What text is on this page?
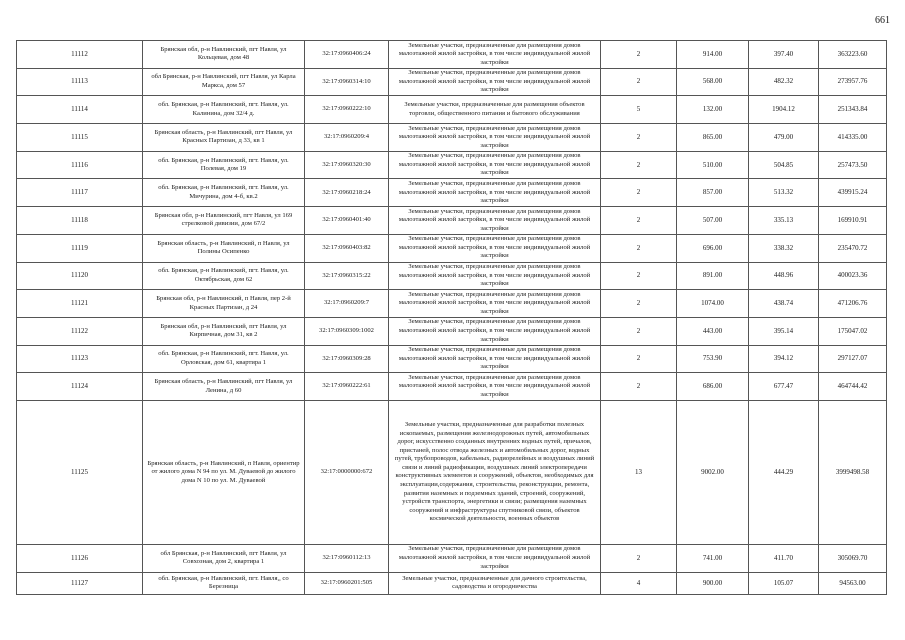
661
11112	Брянская обл, р-н Навлинский, пгт Навля, ул Кольцевая, дом 48	32:17:0960406:24	Земельные участки, предназначенные для размещения домов малоэтажной жилой застройки, в том числе индивидуальной жилой застройки	2	914.00	397.40	363223.60
11113	обл Брянская, р-н Навлинский, пгт Навля, ул Карла Маркса, дом 57	32:17:0960314:10	Земельные участки, предназначенные для размещения домов малоэтажной жилой застройки, в том числе индивидуальной жилой застройки	2	568.00	482.32	273957.76
11114	обл. Брянская, р-н Навлинский, пгт. Навля, ул. Калинина, дом 32/4 д.	32:17:0960222:10	Земельные участки, предназначенные для размещения объектов торговли, общественного питания и бытового обслуживания	5	132.00	1904.12	251343.84
11115	Брянская область, р-н Навлинский, пгт Навля, ул Красных Партизан, д 33, кв 1	32:17:0960209:4	Земельные участки, предназначенные для размещения домов малоэтажной жилой застройки, в том числе индивидуальной жилой застройки	2	865.00	479.00	414335.00
11116	обл. Брянская, р-н Навлинский, пгт. Навля, ул. Полевая, дом 19	32:17:0960320:30	Земельные участки, предназначенные для размещения домов малоэтажной жилой застройки, в том числе индивидуальной жилой застройки	2	510.00	504.85	257473.50
11117	обл. Брянская, р-н Навлинский, пгт. Навля, ул. Мичурина, дом 4-б, кв.2	32:17:0960218:24	Земельные участки, предназначенные для размещения домов малоэтажной жилой застройки, в том числе индивидуальной жилой застройки	2	857.00	513.32	439915.24
11118	Брянская обл, р-н Навлинский, пгт Навля, ул 169 стрелковой дивизии, дом 67/2	32:17:0960401:40	Земельные участки, предназначенные для размещения домов малоэтажной жилой застройки, в том числе индивидуальной жилой застройки	2	507.00	335.13	169910.91
11119	Брянская область, р-н Навлинский, п Навля, ул Полины Осипенко	32:17:0960403:82	Земельные участки, предназначенные для размещения домов малоэтажной жилой застройки, в том числе индивидуальной жилой застройки	2	696.00	338.32	235470.72
11120	обл. Брянская, р-н Навлинский, пгт. Навля, ул. Октябрьская, дом 62	32:17:0960315:22	Земельные участки, предназначенные для размещения домов малоэтажной жилой застройки, в том числе индивидуальной жилой застройки	2	891.00	448.96	400023.36
11121	Брянская обл, р-н Навлинский, п Навля, пер 2-й Красных Партизан, д 24	32:17:0960209:7	Земельные участки, предназначенные для размещения домов малоэтажной жилой застройки, в том числе индивидуальной жилой застройки	2	1074.00	438.74	471206.76
11122	Брянская обл, р-н Навлинский, пгт Навля, ул Кирпичная, дом 31, кв 2	32:17:0960309:1002	Земельные участки, предназначенные для размещения домов малоэтажной жилой застройки, в том числе индивидуальной жилой застройки	2	443.00	395.14	175047.02
11123	обл. Брянская, р-н Навлинский, пгт. Навля, ул. Орловская, дом 61, квартира 1	32:17:0960309:28	Земельные участки, предназначенные для размещения домов малоэтажной жилой застройки, в том числе индивидуальной жилой застройки	2	753.90	394.12	297127.07
11124	Брянская область, р-н Навлинский, пгт Навля, ул Ленина, д 60	32:17:0960222:61	Земельные участки, предназначенные для размещения домов малоэтажной жилой застройки, в том числе индивидуальной жилой застройки	2	686.00	677.47	464744.42
11125	Брянская область, р-н Навлинский, п Навля, ориентир от жилого дома N 94 по ул. М. Дуваевой до жилого дома N 10 по ул. М. Дуваевой	32:17:0000000:672	Земельные участки, предназначенные для разработки полезных ископаемых, размещения железнодорожных путей, автомобильных дорог, искусственно созданных внутренних водных путей, причалов, пристаней, полос отвода железных и автомобильных дорог, водных путей, трубопроводов, кабельных, радиорелейных и воздушных линий связи и линий радиофикации, воздушных линий электропередачи конструктивных элементов и сооружений, объектов, необходимых для эксплуатации,содержания, строительства, реконструкции, ремонта, развития наземных и подземных зданий, строений, сооружений, устройств транспорта, энергетики и связи; размещения наземных сооружений и инфраструктуры спутниковой связи, объектов космической деятельности, военных объектов	13	9002.00	444.29	3999498.58
11126	обл Брянская, р-н Навлинский, пгт Навля, ул Совхозная, дом 2, квартира 1	32:17:0960112:13	Земельные участки, предназначенные для размещения домов малоэтажной жилой застройки, в том числе индивидуальной жилой застройки	2	741.00	411.70	305069.70
11127	обл. Брянская, р-н Навлинский, пгт. Навля,, со Березница	32:17:0960201:505	Земельные участки, предназначенные для дачного строительства, садоводства и огородничества	4	900.00	105.07	94563.00
